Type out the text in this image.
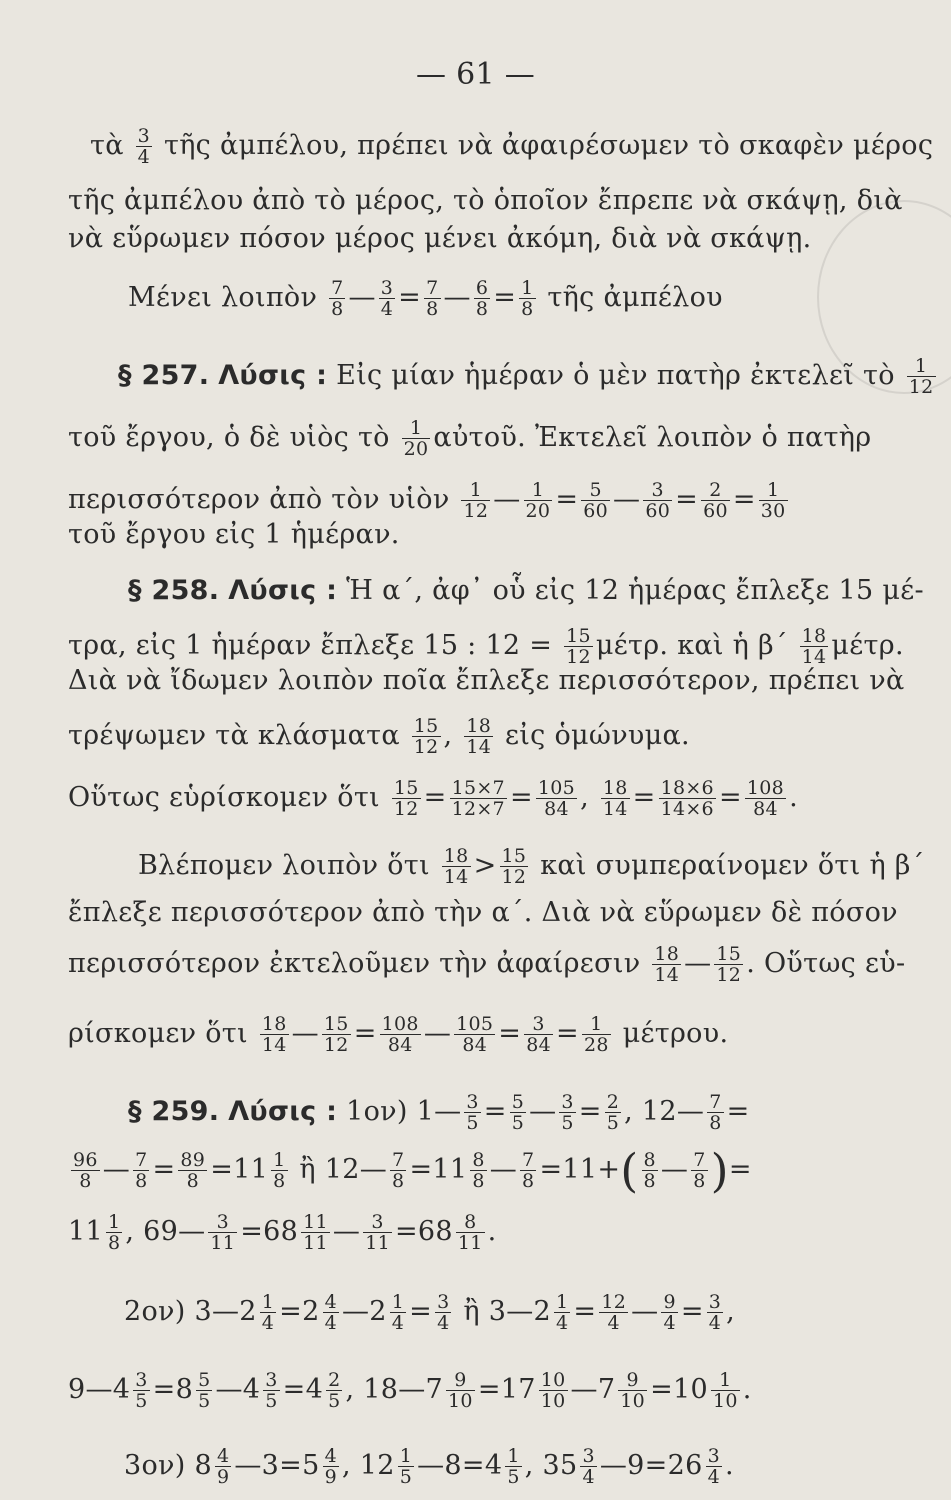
— 61 —
τὰ $\frac{3}{4}$ τῆς ἀμπέλου, πρέπει νὰ ἀφαιρέσωμεν τὸ σκαφὲν μέρος
τῆς ἀμπέλου ἀπὸ τὸ μέρος, τὸ ὁποῖον ἔπρεπε νὰ σκάψῃ, διὰ
νὰ εὕρωμεν πόσον μέρος μένει ἀκόμη, διὰ νὰ σκάψῃ.
Μένει λοιπὸν $\frac{7}{8}$ — $\frac{3}{4} = \frac{7}{8}$ — $\frac{6}{8} = \frac{1}{8}$ τῆς ἀμπέλου
§ 257. Λύσις : Εἰς μίαν ἡμέραν ὁ μὲν πατὴρ ἐκτελεῖ τὸ $\frac{1}{12}$
τοῦ ἔργου, ὁ δὲ υἱὸς τὸ $\frac{1}{20}$ αὐτοῦ. Ἐκτελεῖ λοιπὸν ὁ πατὴρ
περισσότερον ἀπὸ τὸν υἱὸν $\frac{1}{12}$ — $\frac{1}{20} = \frac{5}{60}$ — $\frac{3}{60} = \frac{2}{60} = \frac{1}{30}$
τοῦ ἔργου εἰς 1 ἡμέραν.
§ 258. Λύσις : Ἡ α΄, ἀφ᾿ οὗ εἰς 12 ἡμέρας ἔπλεξε 15 μέ-
τρα, εἰς 1 ἡμέραν ἔπλεξε 15 : $12 = \frac{15}{12} \mu έ\tau\rho$. καὶ ἡ $\beta΄ \frac{18}{14} \mu έ\tau\rho$.
Διὰ νὰ ἴδωμεν λοιπὸν ποῖα ἔπλεξε περισσότερον, πρέπει νὰ
τρέψωμεν τὰ κλάσματα $\frac{15}{12}$ , $\frac{18}{14}$ εἰς ὁμώνυμα.
Οὕτως εὑρίσκομεν ὅτι $\frac{15}{12} = \frac{15\times 7}{12\times 7} = \frac{105}{84}$ , $\frac{18}{14} = \frac{18\times 6}{14\times 6} = \frac{108}{84}$ .
Βλέπομεν λοιπὸν ὅτι $\frac{18}{14} > \frac{15}{12}$ καὶ συμπεραίνομεν ὅτι ἡ β΄
ἔπλεξε περισσότερον ἀπὸ τὴν α΄. Διὰ νὰ εὕρωμεν δὲ πόσον
περισσότερον ἐκτελοῦμεν τὴν ἀφαίρεσιν $\frac{18}{14}$ — $\frac{15}{12}$ . Οὕτως εὑ-
ρίσκομεν ὅτι $\frac{18}{14}$ — $\frac{15}{12} = \frac{108}{84}$ — $\frac{105}{84} = \frac{3}{84} = \frac{1}{28} \mu έ\tau\rho o\upsilon$.
§ 259. Λύσις : 1ον) 1— $\frac{3}{5} = \frac{5}{5}$ — $\frac{3}{5} = \frac{2}{5}$ , 12— $\frac{7}{8}$ =
$\frac{96}{8}$ — $\frac{7}{8} = \frac{89}{8} =11 \frac{1}{8}$ ἢ 12— $\frac{7}{8} =11 \frac{8}{8}$ — $\frac{7}{8} =11+( \frac{8}{8}$ — $\frac{7}{8}$ )=
$11 \frac{1}{8}$ , 69— $\frac{3}{11} =68 \frac{11}{11}$ — $\frac{3}{11} =68 \frac{8}{11}$ .
2ον) 3—2 $\frac{1}{4} =2 \frac{4}{4}$ —2 $\frac{1}{4} = \frac{3}{4}$ ἢ 3—2 $\frac{1}{4} = \frac{12}{4}$ — $\frac{9}{4} = \frac{3}{4}$ ,
9—4 $\frac{3}{5} =8 \frac{5}{5}$ —4 $\frac{3}{5} =4 \frac{2}{5}$ , 18—7 $\frac{9}{10} =17 \frac{10}{10}$ —7 $\frac{9}{10} =10 \frac{1}{10}$ .
3ον) $8 \frac{4}{9}$ —3=5 $\frac{4}{9}$ , $12 \frac{1}{5}$ —8=4 $\frac{1}{5}$ , $35 \frac{3}{4}$ —9=26 $\frac{3}{4}$ .
